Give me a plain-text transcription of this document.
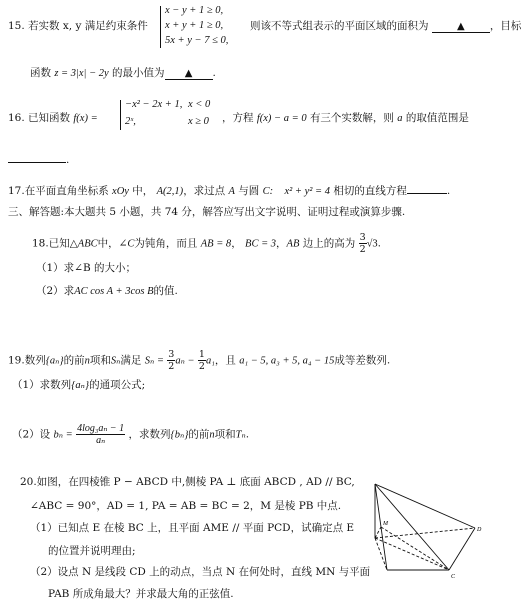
15. 若实数 x, y 满足约束条件
x − y + 1 ≥ 0,
x + y + 1 ≥ 0,
5x + y − 7 ≤ 0,
则该不等式组表示的平面区域的面积为	▲ ，目标
函数 z = 3|x| − 2y 的最小值为 ▲ .
16. 已知函数 f(x) =
−x² − 2x + 1, x < 0
2ˣ,	x ≥ 0 ，方程 f(x) − a = 0 有三个实数解，则 a 的取值范围是
.
17.在平面直角坐标系 xOy 中， A(2,1)，求过点 A 与圆 C: x² + y² = 4 相切的直线方程	.
三、解答题:本大题共 5 小题，共 74 分，解答应写出文字说明、证明过程或演算步骤.
18.已知△ABC中，∠C为钝角，而且 AB = 8， BC = 3，AB 边上的高为 $\frac{3}{2} √3$.
（1）求∠B 的大小；
（2）求AC cos A + 3cos B的值.
19.数列{aₙ}的前n项和Sₙ满足 $S_n = \frac{3}{2}$ $a_n - \frac{1}{2} a_1$，且 a₁ − 5, a₃ + 5, a₄ − 15成等差数列.
（1）求数列{aₙ}的通项公式;
（2）设 $b_n = \frac{\text{4log₃aₙ − 1}}{\text{aₙ}}$ ，求数列{bₙ}的前n项和Tₙ.
20.如图，在四棱锥 P − ABCD 中,侧棱 PA ⊥ 底面 ABCD , AD // BC,
∠ABC = 90°，AD = 1, PA = AB = BC = 2，M 是棱 PB 中点.
（1）已知点 E 在棱 BC 上，且平面 AME // 平面 PCD，试确定点 E
的位置并说明理由;
（2）设点 N 是线段 CD 上的动点，当点 N 在何处时，直线 MN 与平面
PAB 所成角最大？并求最大角的正弦值.
M
D
C
